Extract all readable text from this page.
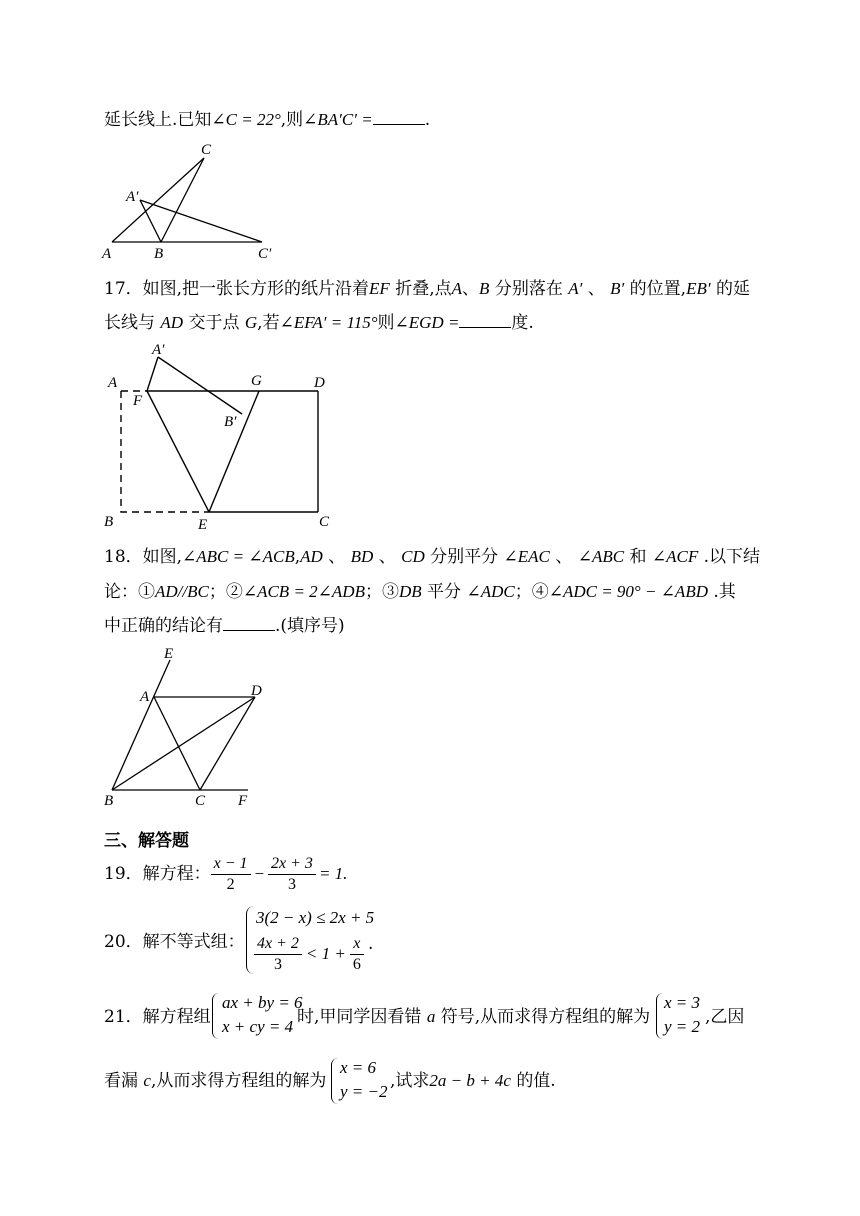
延长线上.已知∠C = 22°,则∠BA′C′ =	.
A	B
C
A′
C′
17．如图,把一张长方形的纸片沿着EF 折叠,点A、B 分别落在 A′ 、 B′ 的位置,EB′ 的延
长线与 AD 交于点 G,若∠EFA′ = 115°则∠EGD =	度.
A′
A
F
G	D
B′
B	E	C
18．如图,∠ABC = ∠ACB,AD 、 BD 、 CD 分别平分 ∠EAC 、 ∠ABC 和 ∠ACF .以下结
论：①AD//BC；②∠ACB = 2∠ADB；③DB 平分 ∠ADC；④∠ADC = 90° − ∠ABD .其
中正确的结论有	.(填序号)
E
A	D
B	C F
三、解答题
19．解方程： $\frac{x - 1}{2} - \frac{2x + 3}{3} = 1$.
20．解不等式组：
3(2 − x) ≤ 2x + 5
$\frac{4x + 2}{3} < 1 + \frac{x}{6}$ .
21．解方程组
ax + by = 6
x + cy = 4 时,甲同学因看错 a 符号,从而求得方程组的解为
x = 3
y = 2 ,乙因
看漏 c,从而求得方程组的解为
x = 6
y = −2
,试求2a − b + 4c 的值.
